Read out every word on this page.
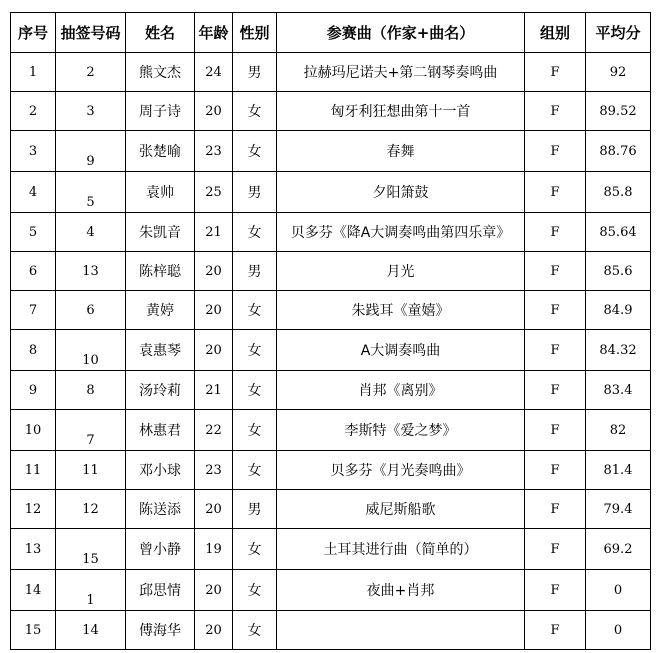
序号	抽签号码	姓名	年龄	性别	参赛曲（作家+曲名）	组别	平均分
1	2	熊文杰	24	男	拉赫玛尼诺夫+第二钢琴奏鸣曲	F	92
2	3	周子诗	20	女	匈牙利狂想曲第十一首	F	89.52
3	9	张楚喻	23	女	春舞	F	88.76
4	5	袁帅	25	男	夕阳箫鼓	F	85.8
5	4	朱凯音	21	女	贝多芬《降A大调奏鸣曲第四乐章》	F	85.64
6	13	陈梓聪	20	男	月光	F	85.6
7	6	黄婷	20	女	朱践耳《童嬉》	F	84.9
8	10	袁惠琴	20	女	A大调奏鸣曲	F	84.32
9	8	汤玲莉	21	女	肖邦《离别》	F	83.4
10	7	林惠君	22	女	李斯特《爱之梦》	F	82
11	11	邓小球	23	女	贝多芬《月光奏鸣曲》	F	81.4
12	12	陈送添	20	男	威尼斯船歌	F	79.4
13	15	曾小静	19	女	土耳其进行曲（简单的）	F	69.2
14	1	邱思情	20	女	夜曲+肖邦	F	0
15	14	傅海华	20	女		F	0
